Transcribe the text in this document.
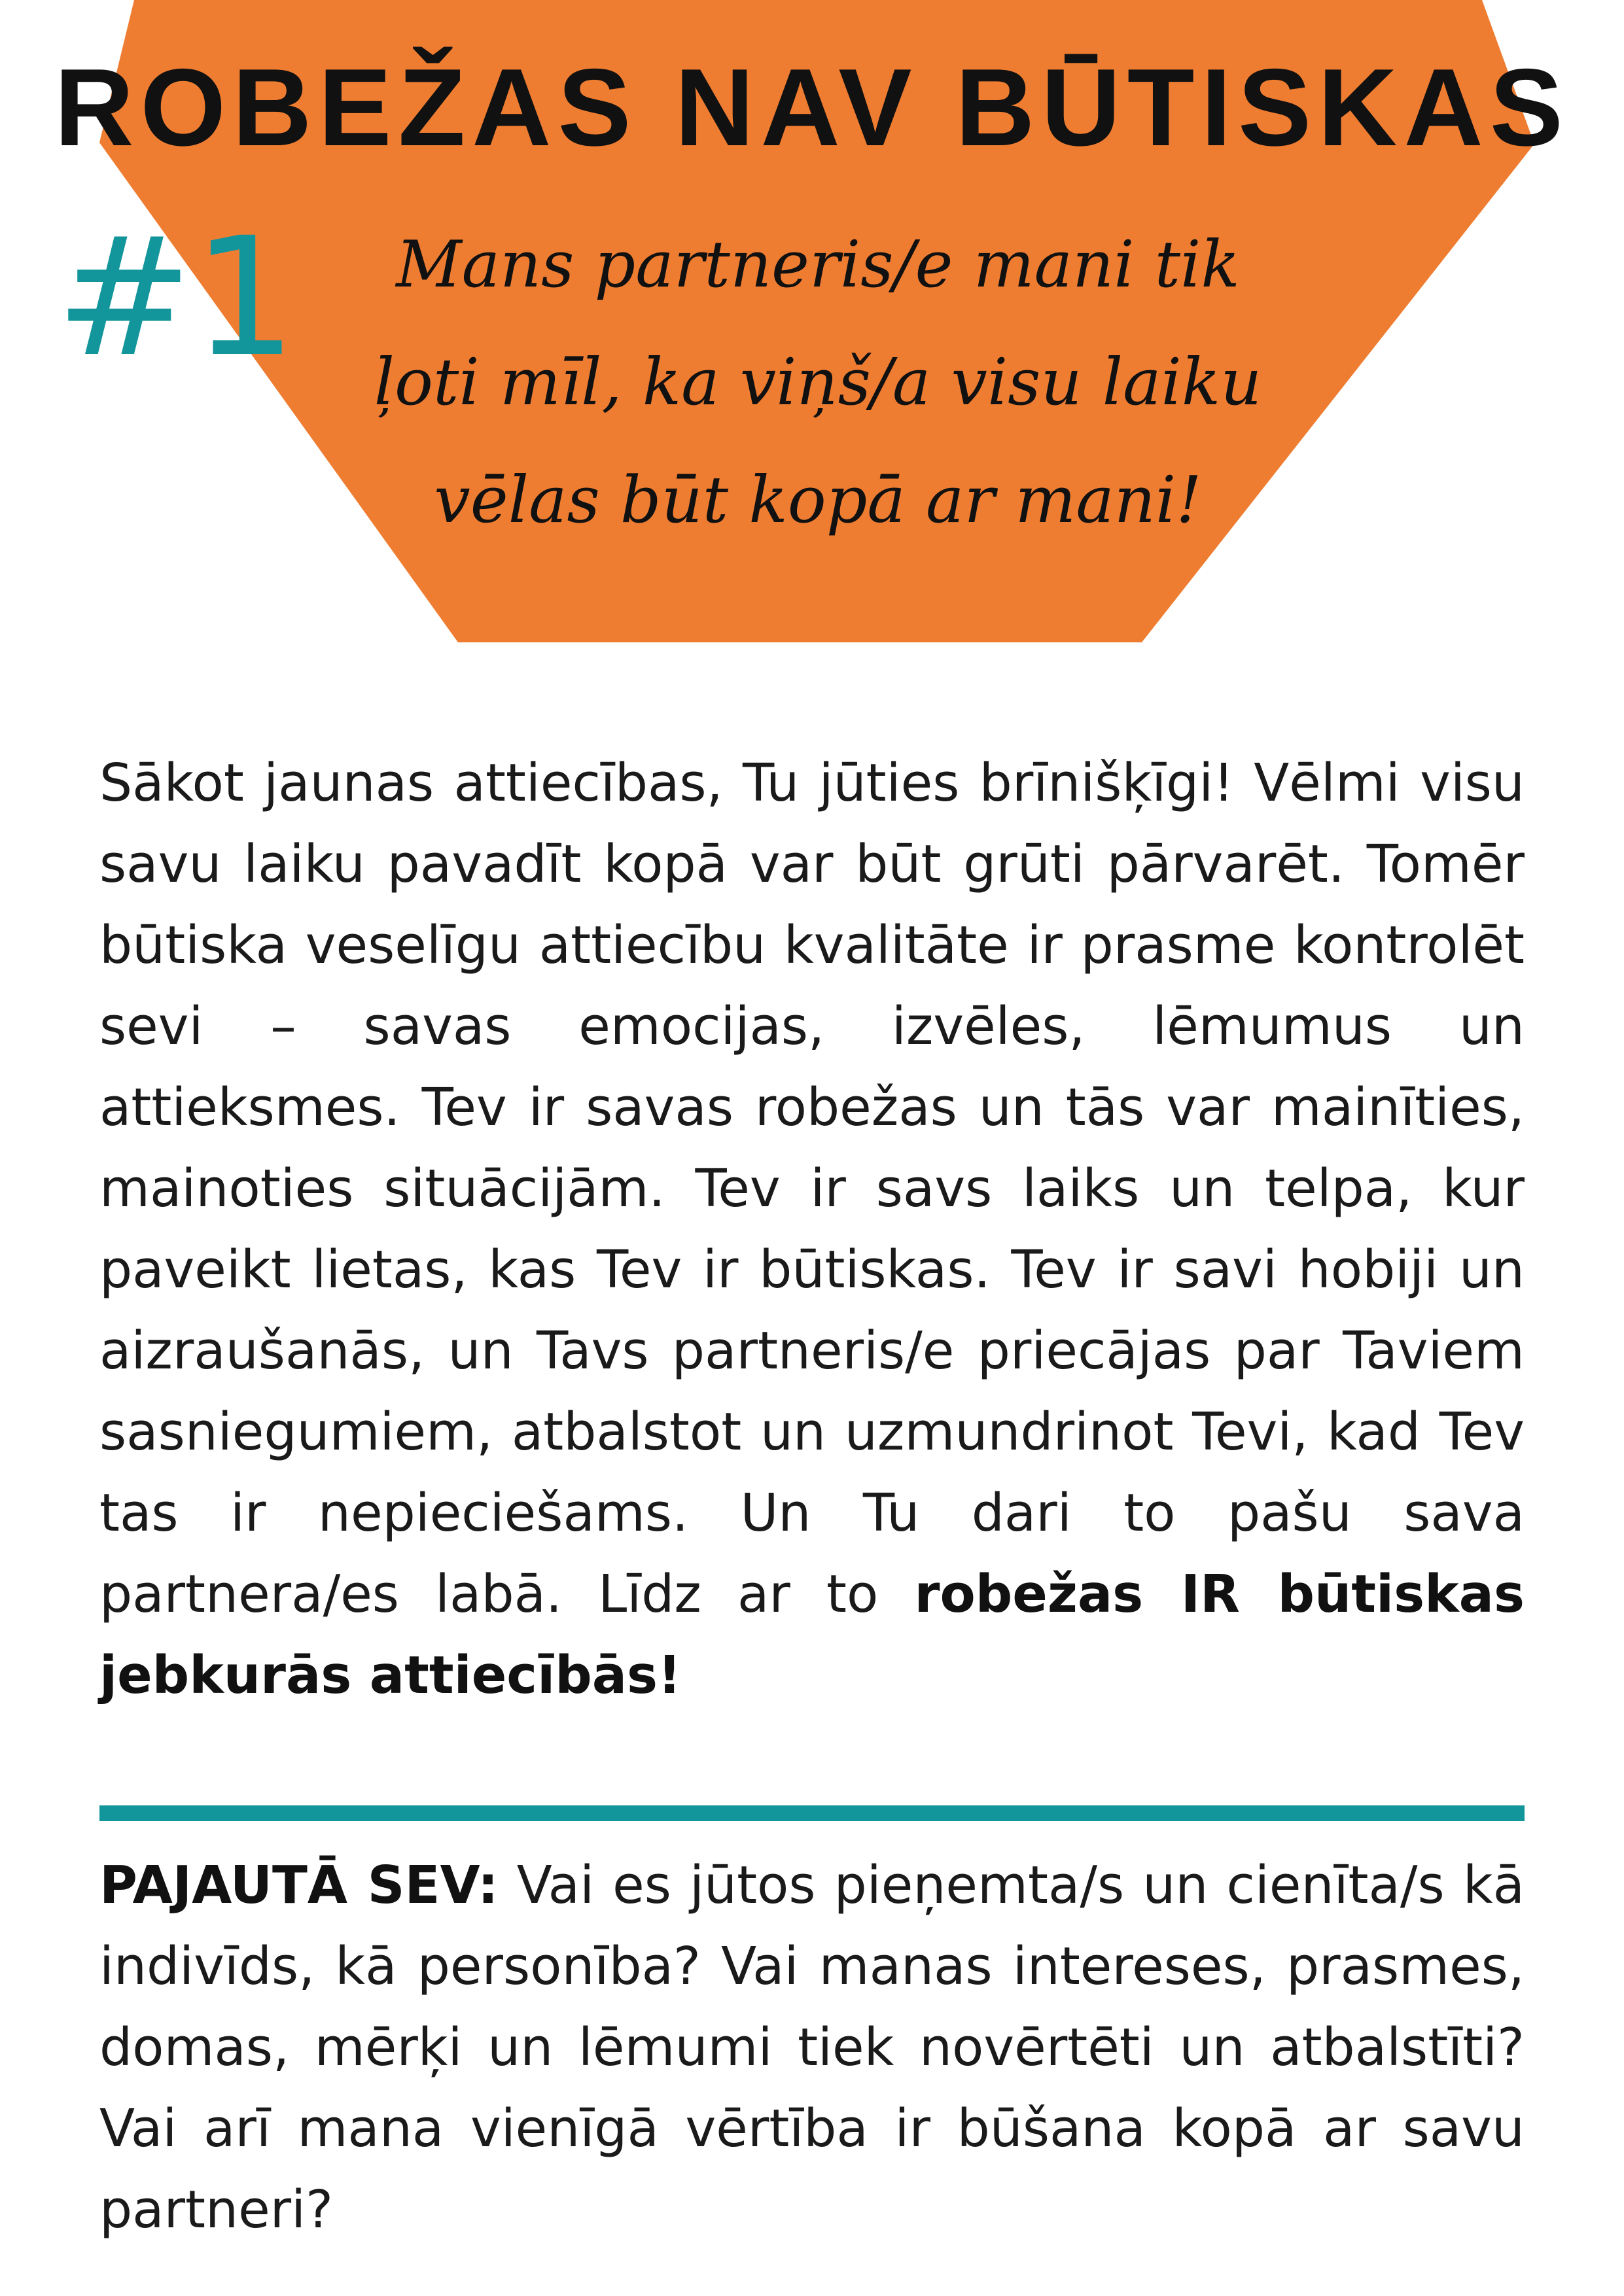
ROBEŽAS NAV BŪTISKAS
#1	Mans partneris/e mani tik ļoti mīl, ka viņš/a visu laiku vēlas būt kopā ar mani!

Sākot jaunas attiecības, Tu jūties brīnišķīgi! Vēlmi visu savu laiku pavadīt kopā var būt grūti pārvarēt. Tomēr būtiska veselīgu attiecību kvalitāte ir prasme kontrolēt sevi – savas emocijas, izvēles, lēmumus un attieksmes. Tev ir savas robežas un tās var mainīties, mainoties situācijām. Tev ir savs laiks un telpa, kur paveikt lietas, kas Tev ir būtiskas. Tev ir savi hobiji un aizraušanās, un Tavs partneris/e priecājas par Taviem sasniegumiem, atbalstot un uzmundrinot Tevi, kad Tev tas ir nepieciešams. Un Tu dari to pašu sava partnera/es labā. Līdz ar to robežas IR būtiskas jebkurās attiecībās!

PAJAUTĀ SEV: Vai es jūtos pieņemta/s un cienīta/s kā indivīds, kā personība? Vai manas intereses, prasmes, domas, mērķi un lēmumi tiek novērtēti un atbalstīti? Vai arī mana vienīgā vērtība ir būšana kopā ar savu partneri?
